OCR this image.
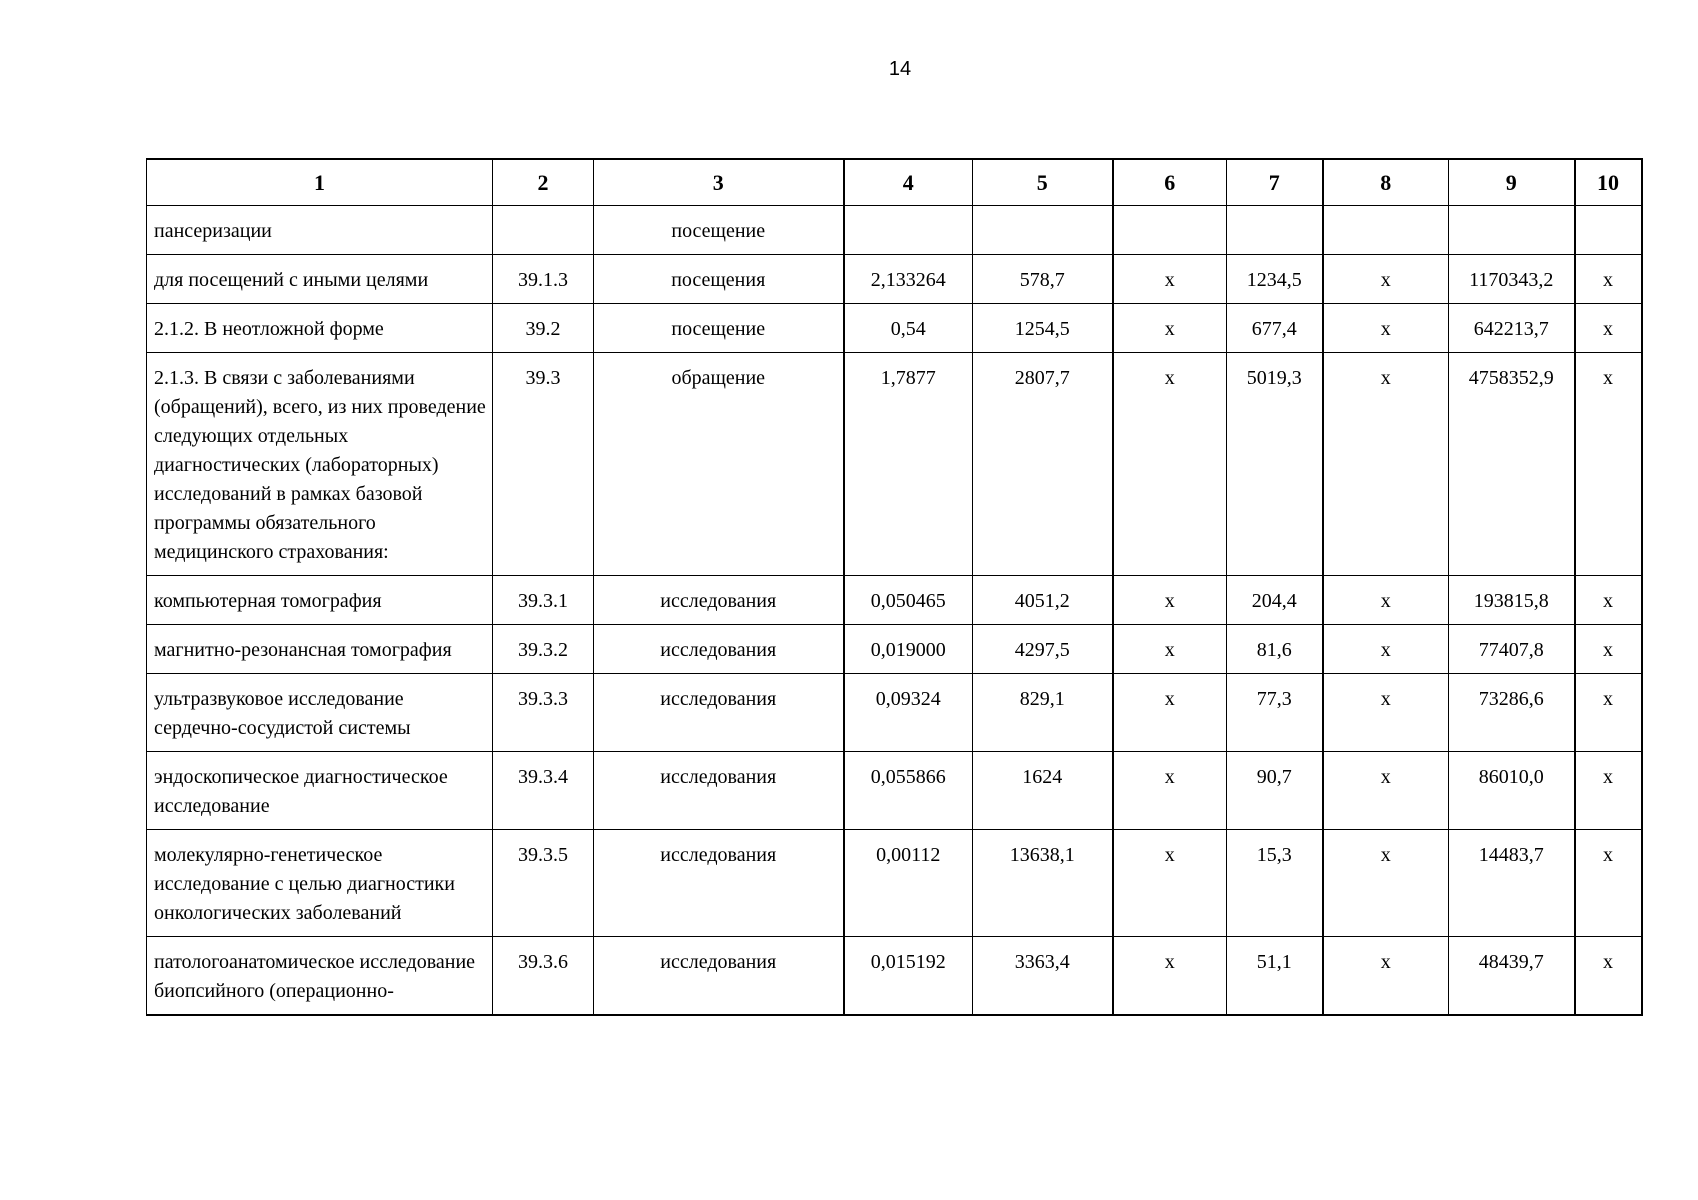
14
1	2	3	4	5	6	7	8	9	10
пансеризации		посещение							
для посещений с иными целями	39.1.3	посещения	2,133264	578,7	х	1234,5	х	1170343,2	х
2.1.2. В неотложной форме	39.2	посещение	0,54	1254,5	х	677,4	х	642213,7	х
2.1.3. В связи с заболеваниями (обращений), всего, из них проведение следующих отдельных диагностических (лабораторных) исследований в рамках базовой программы обязательного медицинского страхования:	39.3	обращение	1,7877	2807,7	х	5019,3	х	4758352,9	х
компьютерная томография	39.3.1	исследования	0,050465	4051,2	х	204,4	х	193815,8	х
магнитно-резонансная томография	39.3.2	исследования	0,019000	4297,5	х	81,6	х	77407,8	х
ультразвуковое исследование сердечно-сосудистой системы	39.3.3	исследования	0,09324	829,1	х	77,3	х	73286,6	х
эндоскопическое диагностическое исследование	39.3.4	исследования	0,055866	1624	х	90,7	х	86010,0	х
молекулярно-генетическое исследование с целью диагностики онкологических заболеваний	39.3.5	исследования	0,00112	13638,1	х	15,3	х	14483,7	х
патологоанатомическое исследование биопсийного (операционно-	39.3.6	исследования	0,015192	3363,4	х	51,1	х	48439,7	х
